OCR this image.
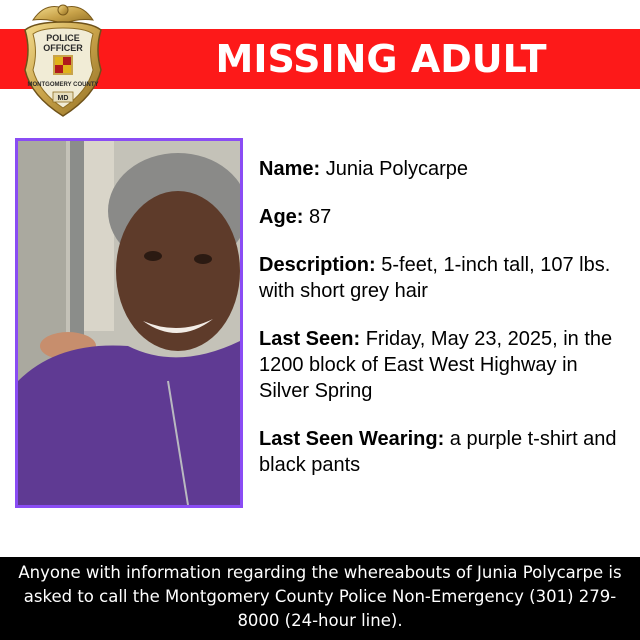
POLICE
OFFICER
MONTGOMERY COUNTY
MD
MISSING ADULT

Name: Junia Polycarpe

Age: 87

Description: 5-feet, 1-inch tall, 107 lbs. with short grey hair

Last Seen: Friday, May 23, 2025, in the 1200 block of East West Highway in Silver Spring

Last Seen Wearing: a purple t-shirt and black pants

Anyone with information regarding the whereabouts of Junia Polycarpe is asked to call the Montgomery County Police Non-Emergency (301) 279-8000 (24-hour line).
